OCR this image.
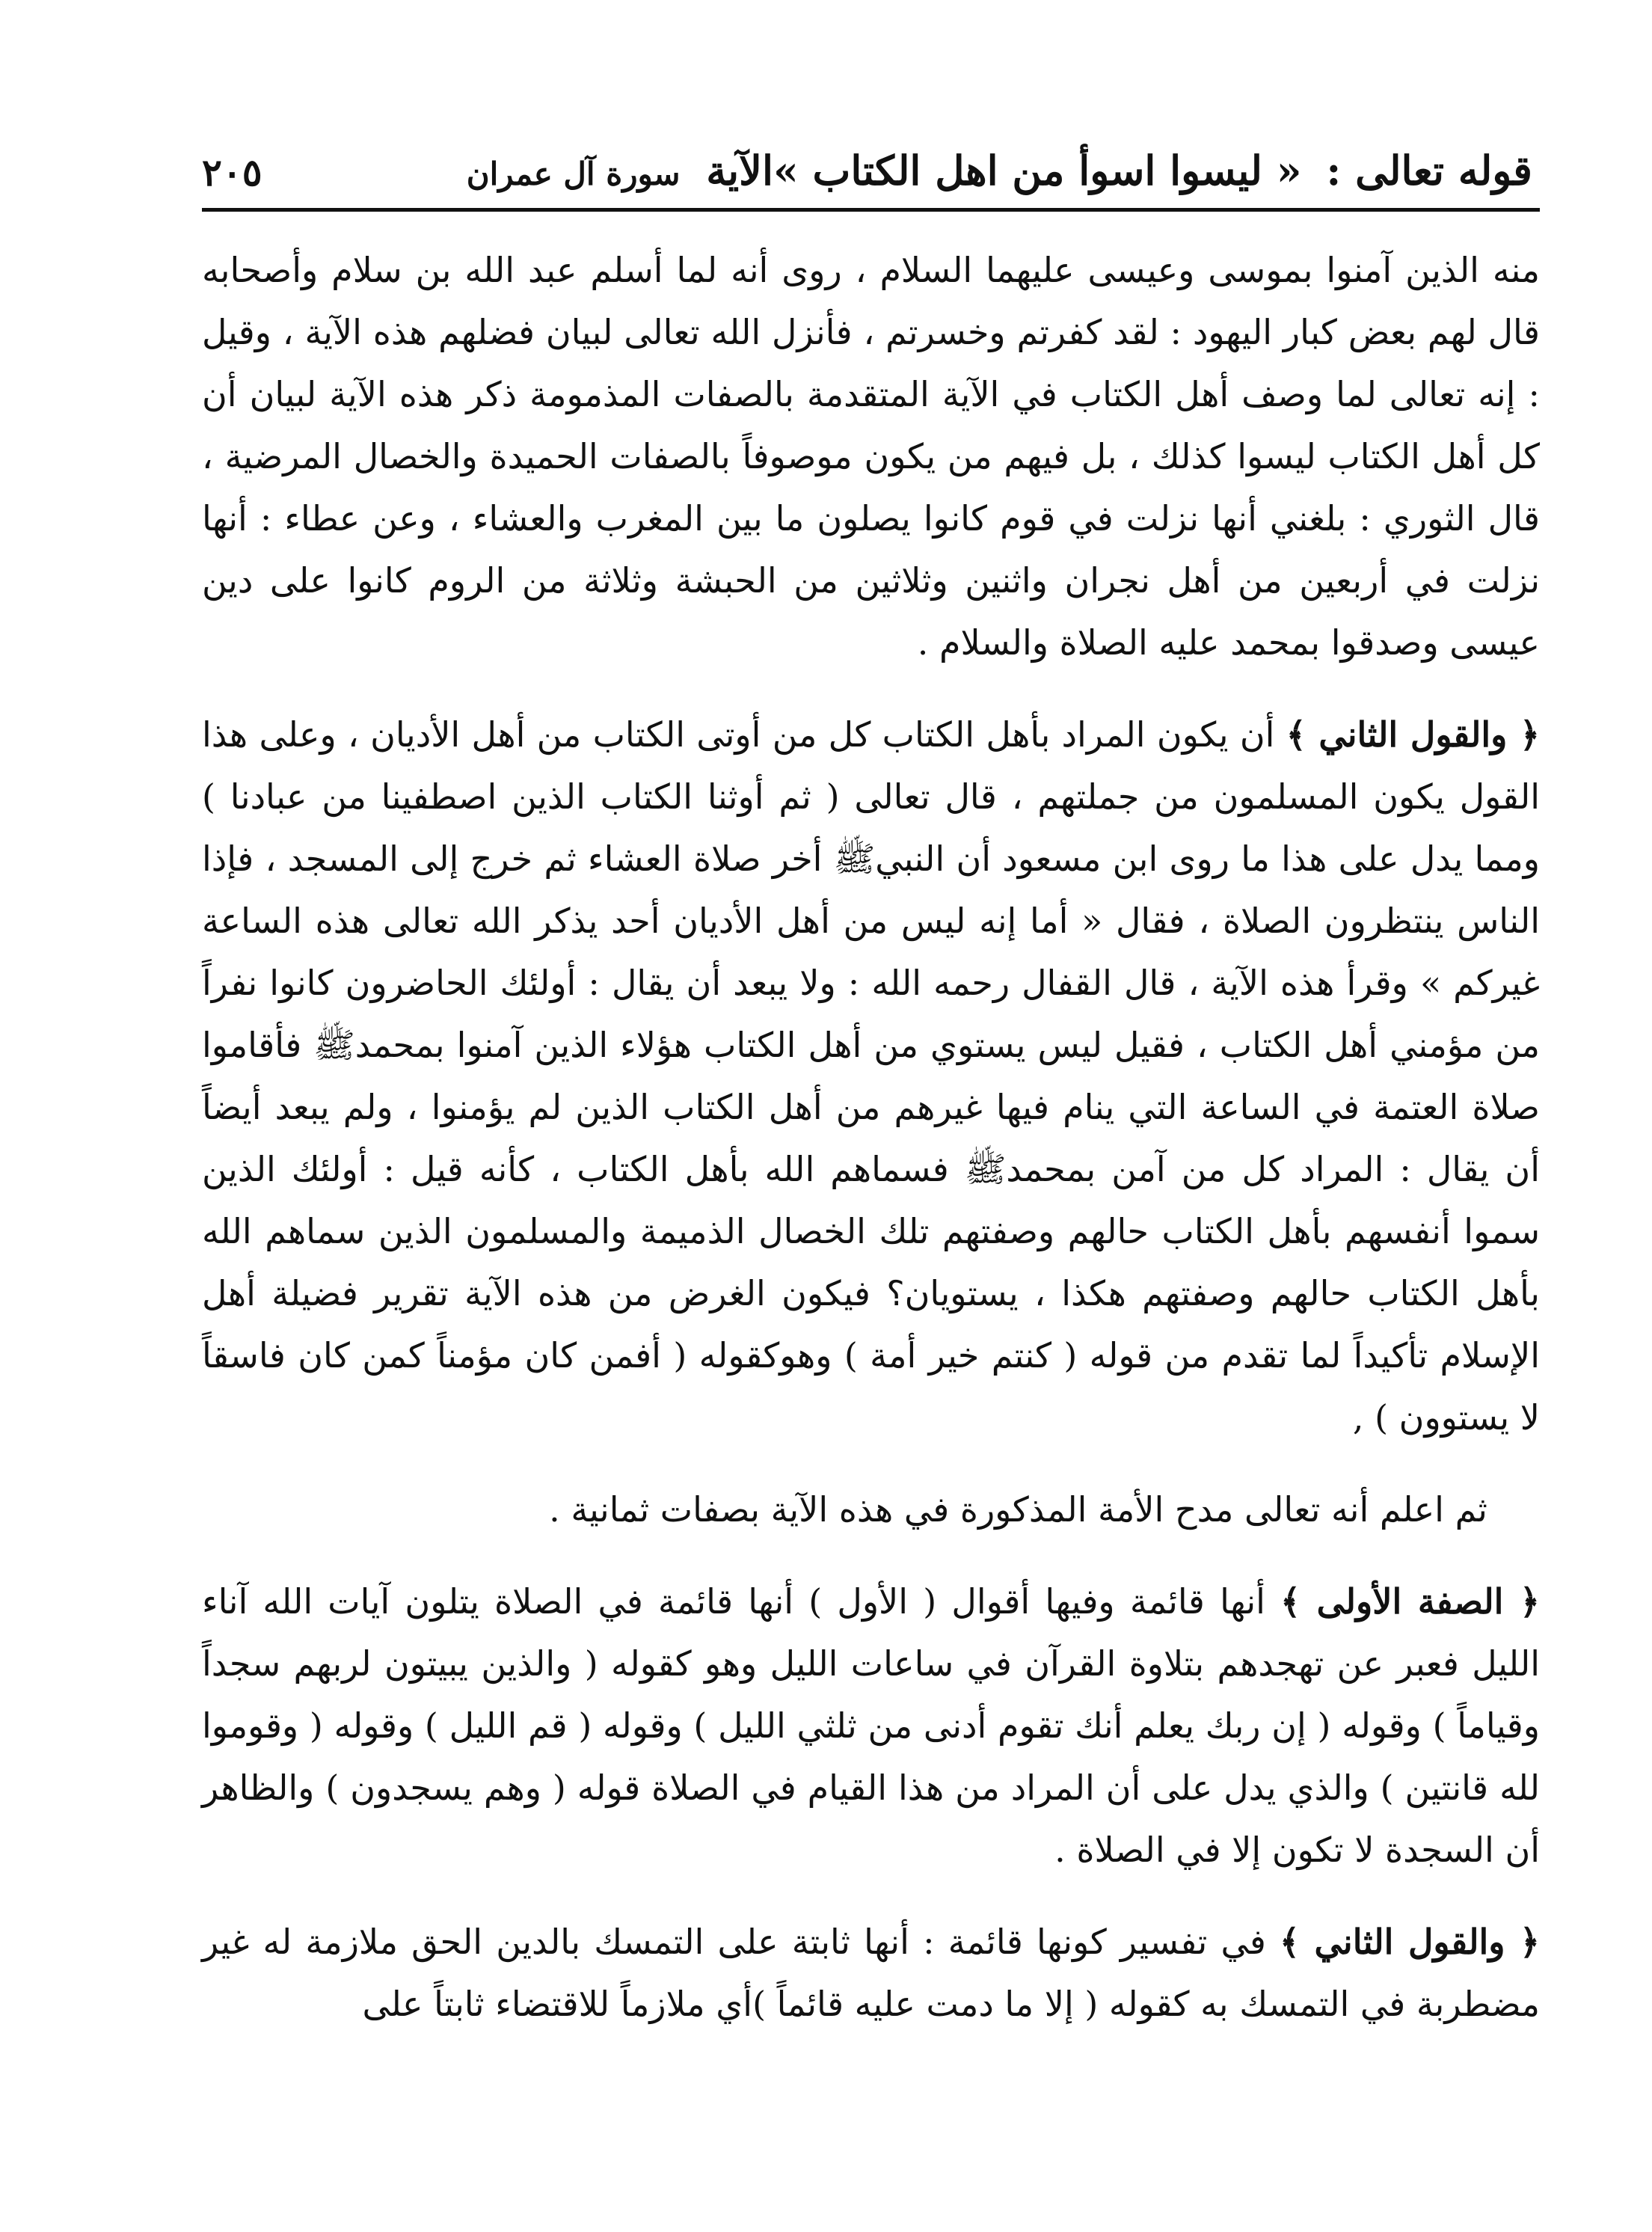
قوله تعالى : « ليسوا اسوأ من اهل الكتاب »الآية سورة آل عمران
٢٠٥

منه الذين آمنوا بموسى وعيسى عليهما السلام ، روى أنه لما أسلم عبد الله بن سلام وأصحابه قال لهم بعض كبار اليهود : لقد كفرتم وخسرتم ، فأنزل الله تعالى لبيان فضلهم هذه الآية ، وقيل : إنه تعالى لما وصف أهل الكتاب في الآية المتقدمة بالصفات المذمومة ذكر هذه الآية لبيان أن كل أهل الكتاب ليسوا كذلك ، بل فيهم من يكون موصوفاً بالصفات الحميدة والخصال المرضية ، قال الثوري : بلغني أنها نزلت في قوم كانوا يصلون ما بين المغرب والعشاء ، وعن عطاء : أنها نزلت في أربعين من أهل نجران واثنين وثلاثين من الحبشة وثلاثة من الروم كانوا على دين عيسى وصدقوا بمحمد عليه الصلاة والسلام .

﴿ والقول الثاني ﴾ أن يكون المراد بأهل الكتاب كل من أوتى الكتاب من أهل الأديان ، وعلى هذا القول يكون المسلمون من جملتهم ، قال تعالى ( ثم أوثنا الكتاب الذين اصطفينا من عبادنا ) ومما يدل على هذا ما روى ابن مسعود أن النبيﷺ أخر صلاة العشاء ثم خرج إلى المسجد ، فإذا الناس ينتظرون الصلاة ، فقال « أما إنه ليس من أهل الأديان أحد يذكر الله تعالى هذه الساعة غيركم » وقرأ هذه الآية ، قال القفال رحمه الله : ولا يبعد أن يقال : أولئك الحاضرون كانوا نفراً من مؤمني أهل الكتاب ، فقيل ليس يستوي من أهل الكتاب هؤلاء الذين آمنوا بمحمدﷺ فأقاموا صلاة العتمة في الساعة التي ينام فيها غيرهم من أهل الكتاب الذين لم يؤمنوا ، ولم يبعد أيضاً أن يقال : المراد كل من آمن بمحمدﷺ فسماهم الله بأهل الكتاب ، كأنه قيل : أولئك الذين سموا أنفسهم بأهل الكتاب حالهم وصفتهم تلك الخصال الذميمة والمسلمون الذين سماهم الله بأهل الكتاب حالهم وصفتهم هكذا ، يستويان؟ فيكون الغرض من هذه الآية تقرير فضيلة أهل الإسلام تأكيداً لما تقدم من قوله ( كنتم خير أمة ) وهوكقوله ( أفمن كان مؤمناً كمن كان فاسقاً لا يستوون ) ,

ثم اعلم أنه تعالى مدح الأمة المذكورة في هذه الآية بصفات ثمانية .

﴿ الصفة الأولى ﴾ أنها قائمة وفيها أقوال ( الأول ) أنها قائمة في الصلاة يتلون آيات الله آناء الليل فعبر عن تهجدهم بتلاوة القرآن في ساعات الليل وهو كقوله ( والذين يبيتون لربهم سجداً وقياماً ) وقوله ( إن ربك يعلم أنك تقوم أدنى من ثلثي الليل ) وقوله ( قم الليل ) وقوله ( وقوموا لله قانتين ) والذي يدل على أن المراد من هذا القيام في الصلاة قوله ( وهم يسجدون ) والظاهر أن السجدة لا تكون إلا في الصلاة .

﴿ والقول الثاني ﴾ في تفسير كونها قائمة : أنها ثابتة على التمسك بالدين الحق ملازمة له غير مضطربة في التمسك به كقوله ( إلا ما دمت عليه قائماً )أي ملازماً للاقتضاء ثابتاً على
